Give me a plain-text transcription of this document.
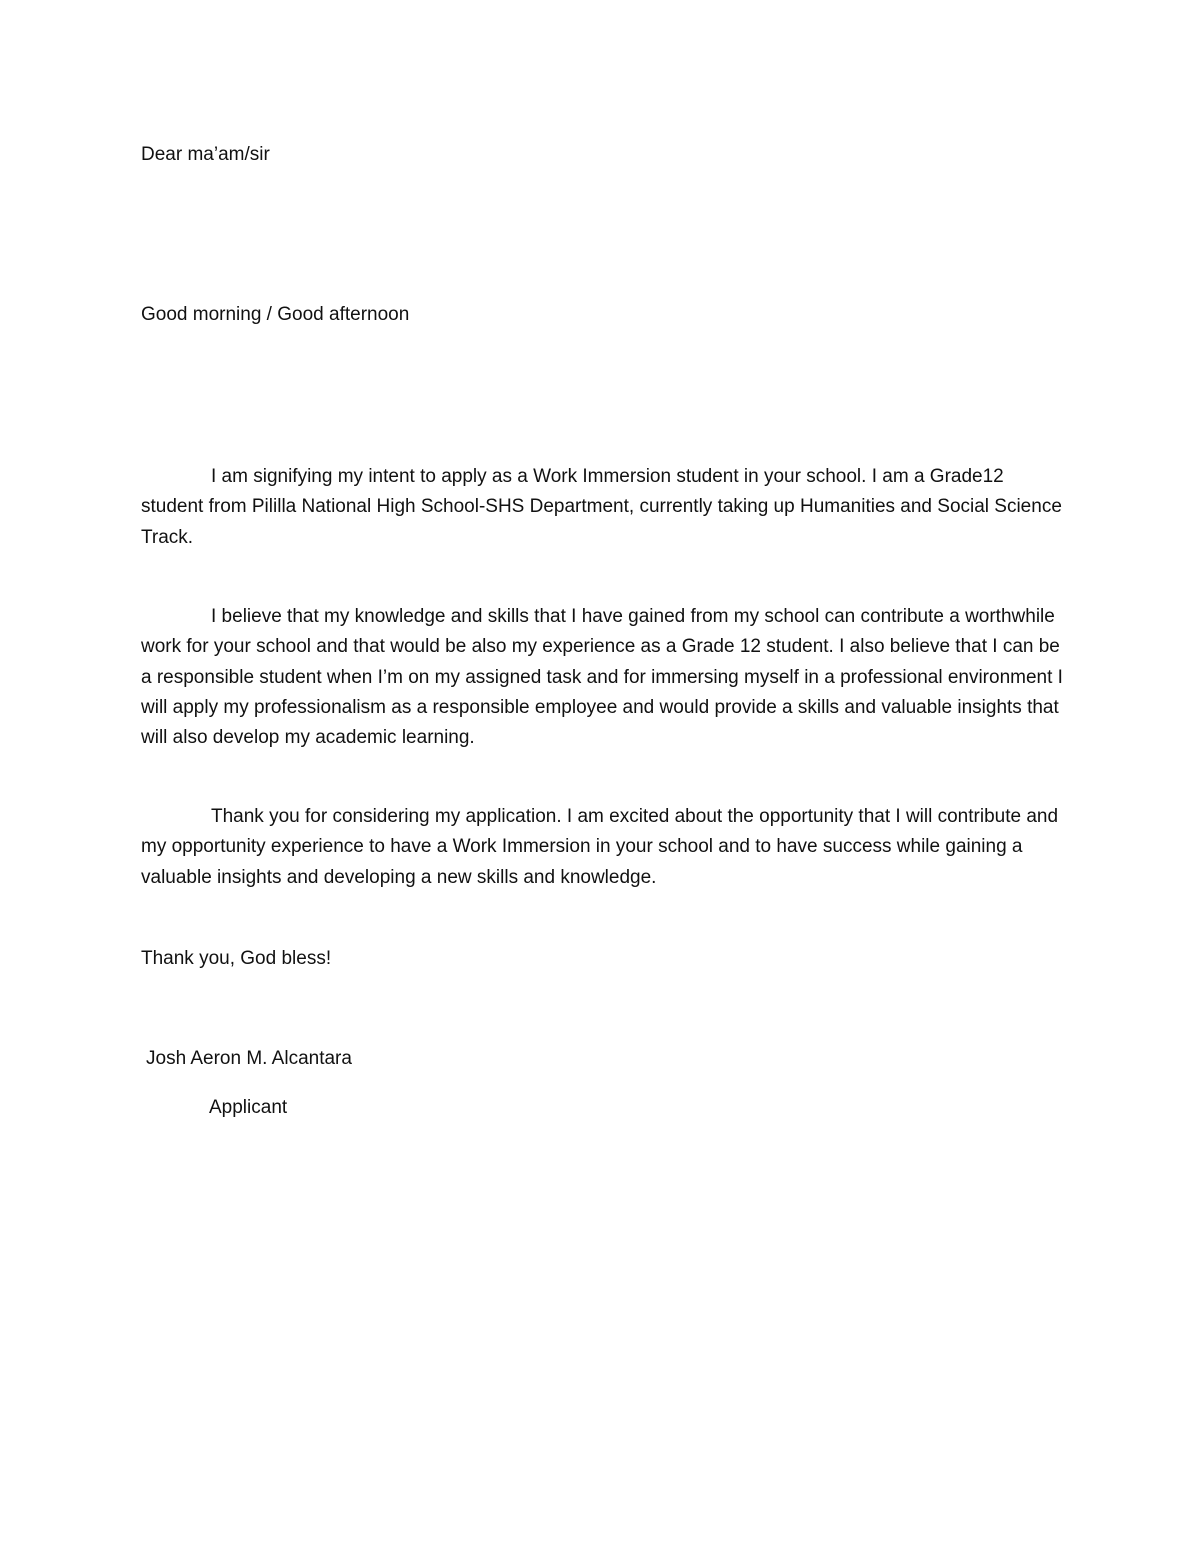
Dear ma’am/sir

Good morning / Good afternoon

I am signifying my intent to apply as a Work Immersion student in your school. I am a Grade12 student from Pililla National High School-SHS Department, currently taking up Humanities and Social Science Track.

I believe that my knowledge and skills that I have gained from my school can contribute a worthwhile work for your school and that would be also my experience as a Grade 12 student. I also believe that I can be a responsible student when I’m on my assigned task and for immersing myself in a professional environment I will apply my professionalism as a responsible employee and would provide a skills and valuable insights that will also develop my academic learning.

Thank you for considering my application. I am excited about the opportunity that I will contribute and my opportunity experience to have a Work Immersion in your school and to have success while gaining a valuable insights and developing a new skills and knowledge.

Thank you, God bless!

Josh Aeron M. Alcantara

Applicant
